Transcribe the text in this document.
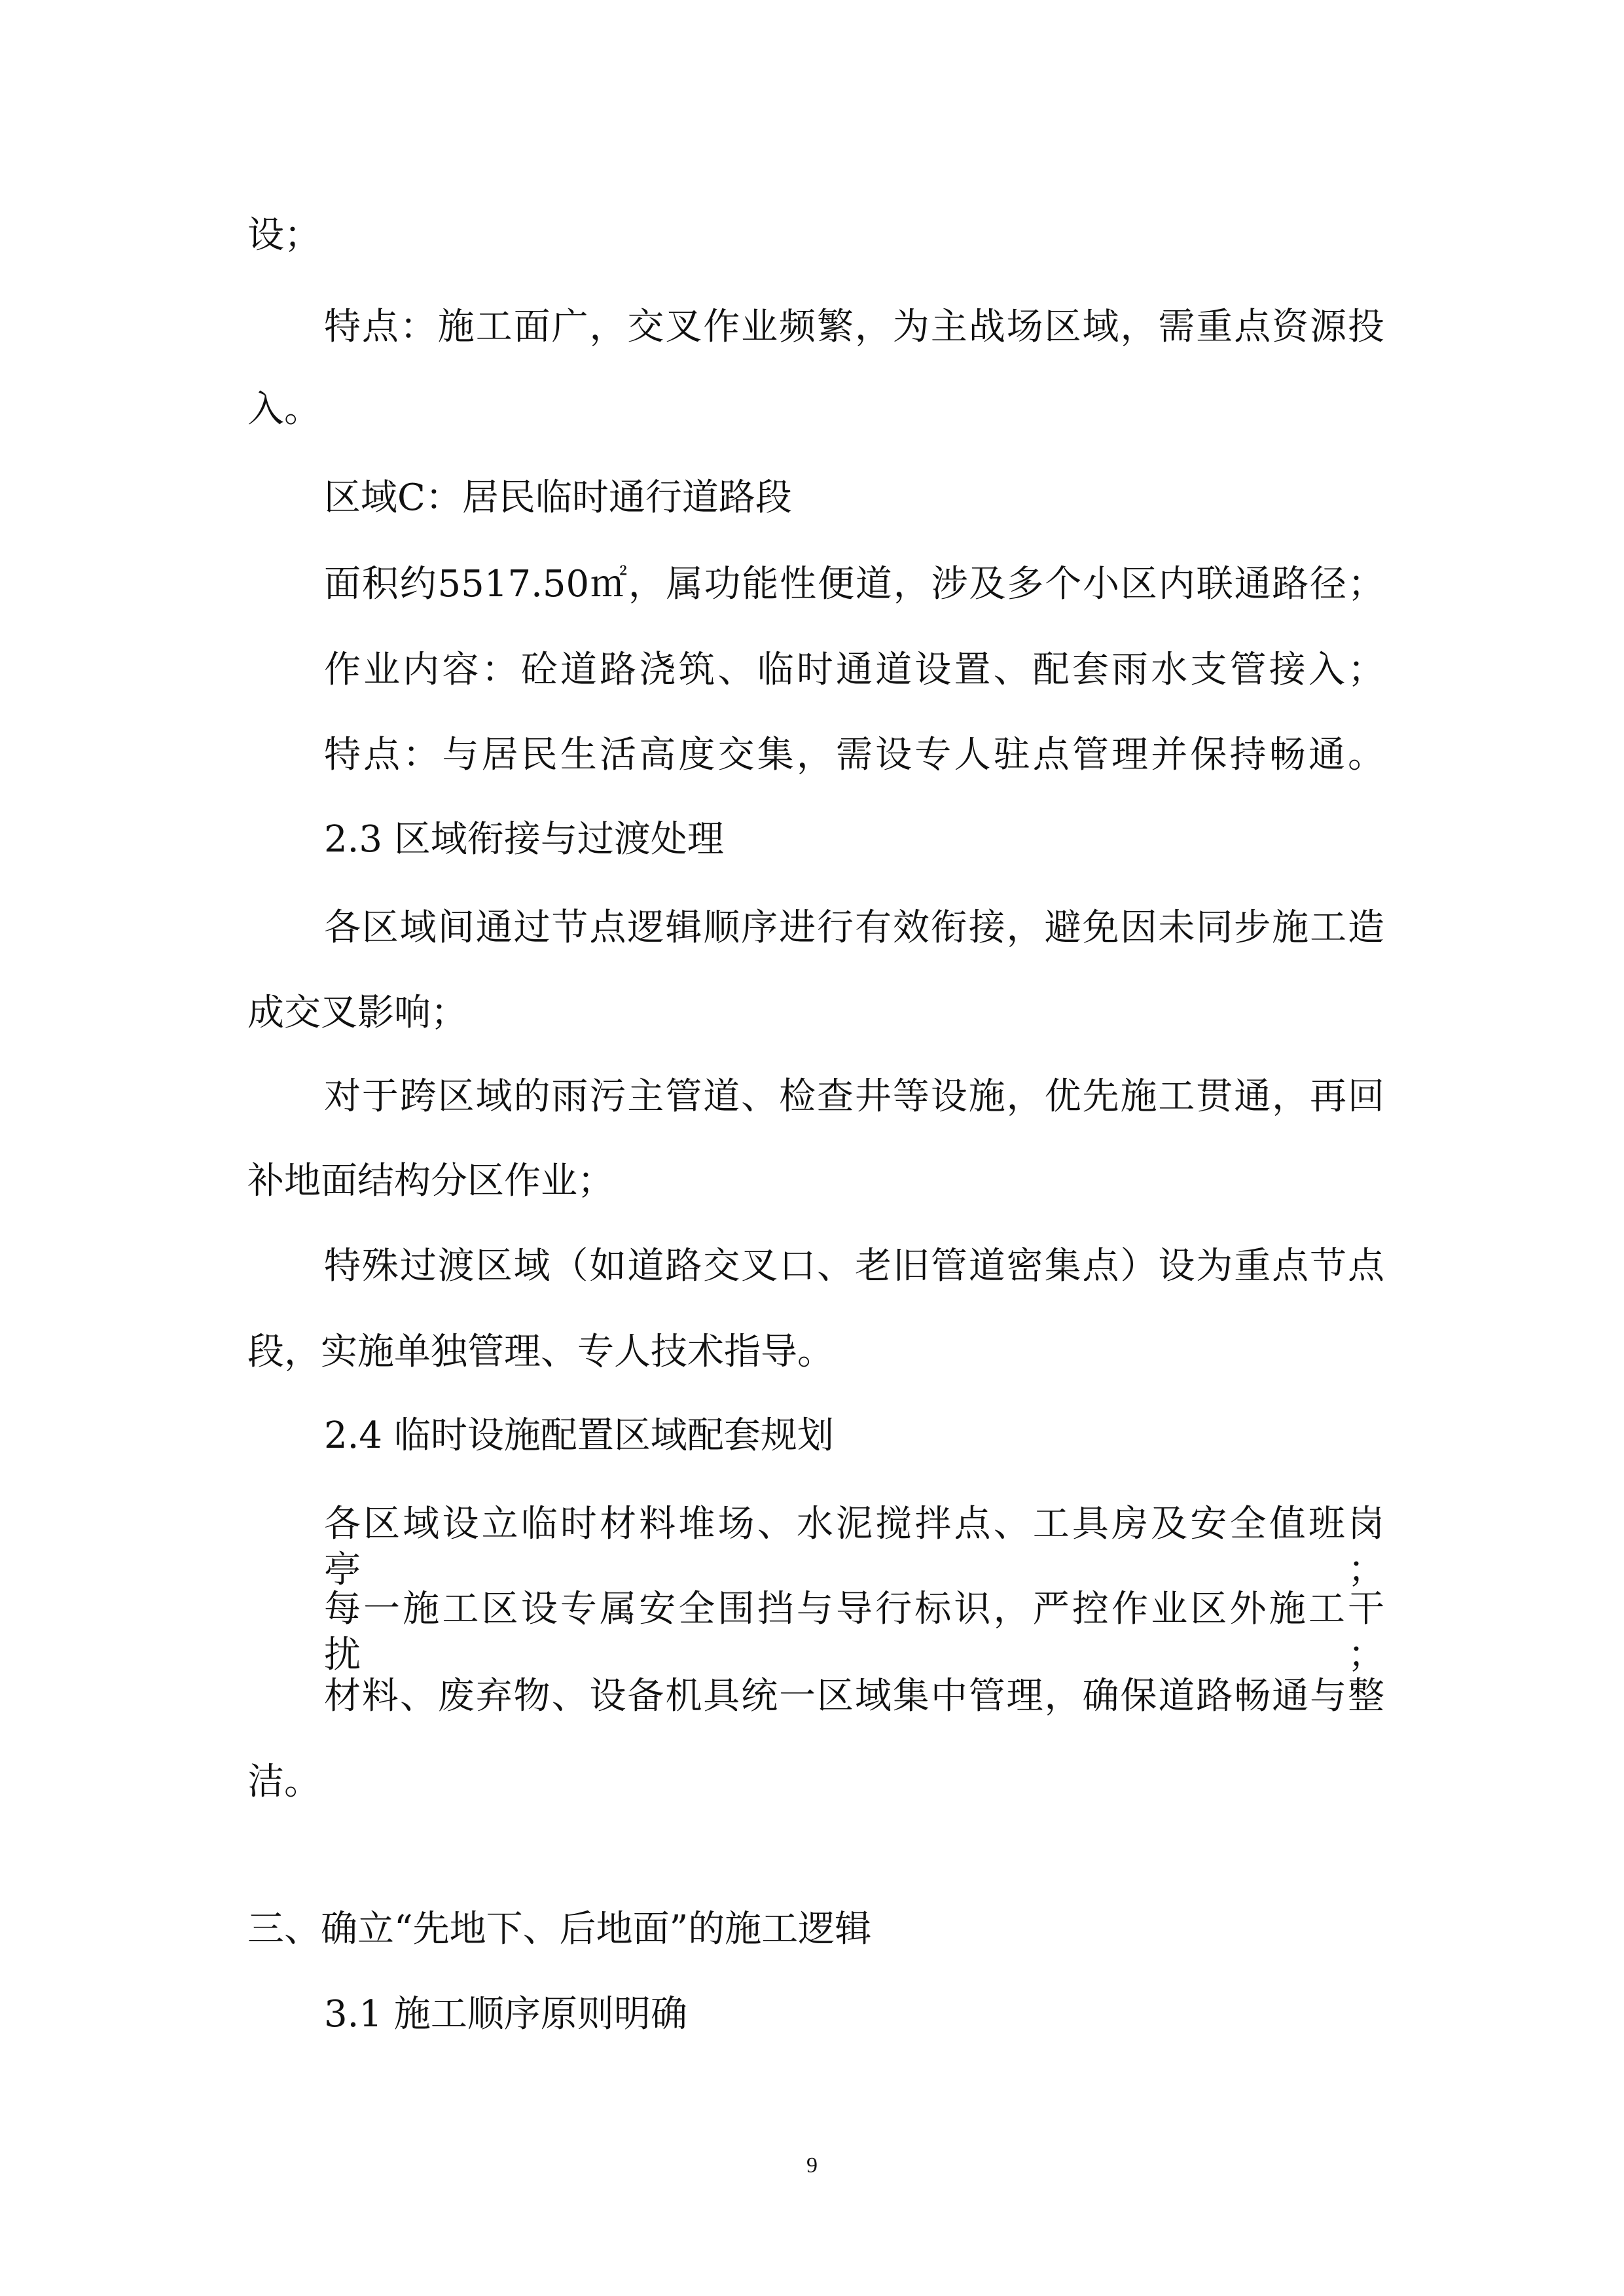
设；
特点：施工面广，交叉作业频繁，为主战场区域，需重点资源投
入。
区域C：居民临时通行道路段
面积约5517.50㎡，属功能性便道，涉及多个小区内联通路径；
作业内容：砼道路浇筑、临时通道设置、配套雨水支管接入；
特点：与居民生活高度交集，需设专人驻点管理并保持畅通。
2.3 区域衔接与过渡处理
各区域间通过节点逻辑顺序进行有效衔接，避免因未同步施工造
成交叉影响；
对于跨区域的雨污主管道、检查井等设施，优先施工贯通，再回
补地面结构分区作业；
特殊过渡区域（如道路交叉口、老旧管道密集点）设为重点节点
段，实施单独管理、专人技术指导。
2.4 临时设施配置区域配套规划
各区域设立临时材料堆场、水泥搅拌点、工具房及安全值班岗亭；
每一施工区设专属安全围挡与导行标识，严控作业区外施工干扰；
材料、废弃物、设备机具统一区域集中管理，确保道路畅通与整
洁。
三、确立“先地下、后地面”的施工逻辑
3.1 施工顺序原则明确
9
